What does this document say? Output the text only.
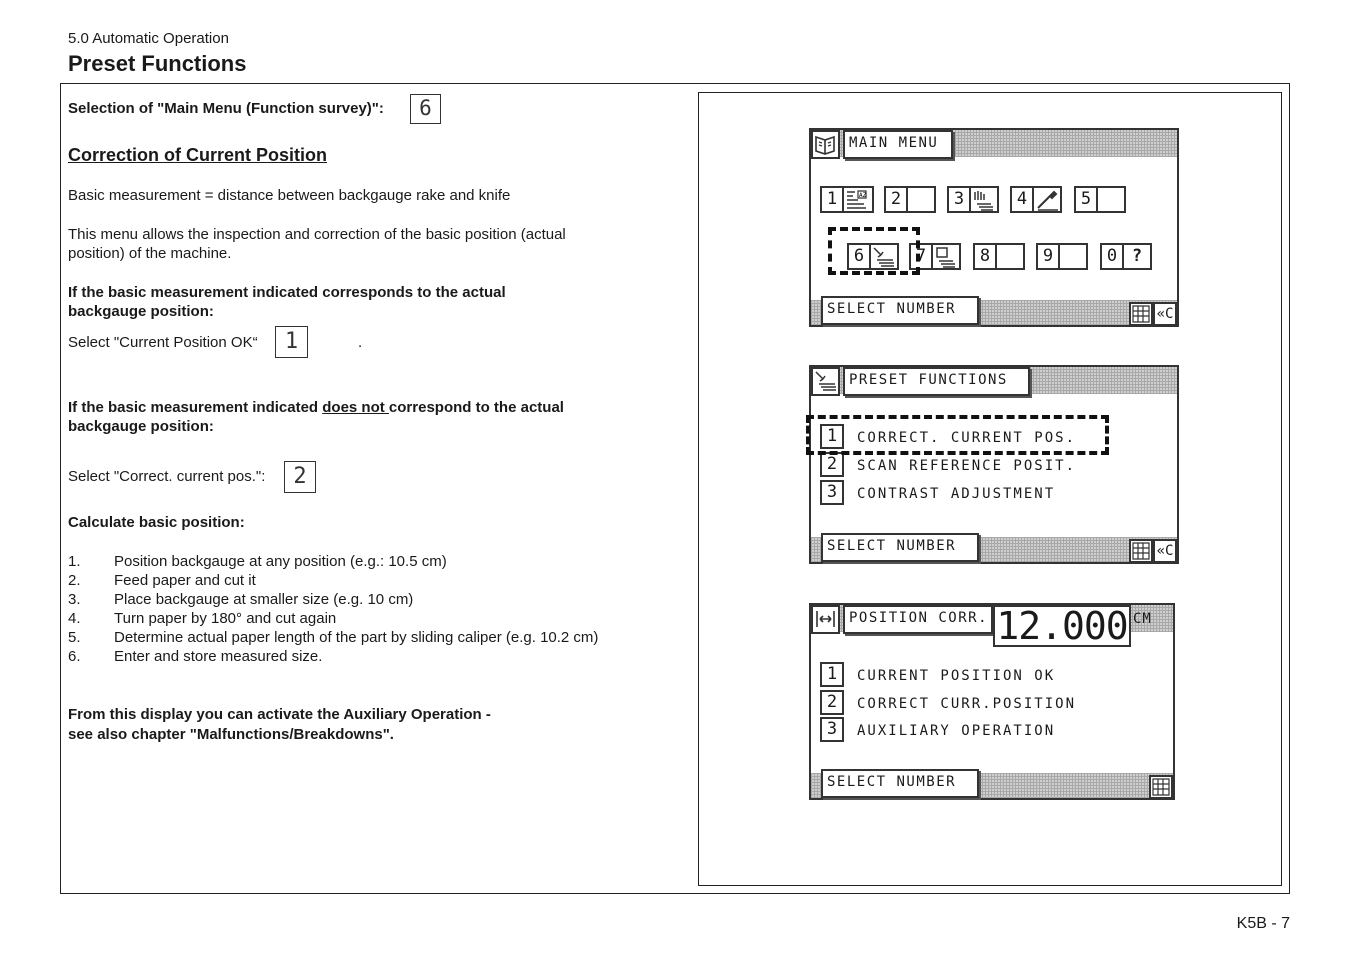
5.0 Automatic Operation
Preset Functions
Selection of "Main Menu (Function survey)":	6
Correction of Current Position
Basic measurement = distance between backgauge rake and knife
This menu allows the inspection and correction of the basic position (actual
position) of the machine.
If the basic measurement indicated corresponds to the actual
backgauge position:
Select "Current Position OK“	1	.
If the basic measurement indicated does not correspond to the actual
backgauge position:
Select "Correct. current pos.":	2
Calculate basic position:
1. Position backgauge at any position (e.g.: 10.5 cm)
2. Feed paper and cut it
3. Place backgauge at smaller size (e.g. 10 cm)
4. Turn paper by 180° and cut again
5. Determine actual paper length of the part by sliding caliper (e.g. 10.2 cm)
6. Enter and store measured size.
From this display you can activate the Auxiliary Operation -
see also chapter "Malfunctions/Breakdowns".
MAIN MENU
1	AZ	2	3	4	5
6	7	8	9	0 ?
SELECT NUMBER	«C
PRESET FUNCTIONS
1	CORRECT. CURRENT POS.
2	SCAN REFERENCE POSIT.
3	CONTRAST ADJUSTMENT
SELECT NUMBER	«C
POSITION CORR. 12.000 CM
1	CURRENT POSITION OK
2	CORRECT CURR.POSITION
3	AUXILIARY OPERATION
SELECT NUMBER
K5B - 7
